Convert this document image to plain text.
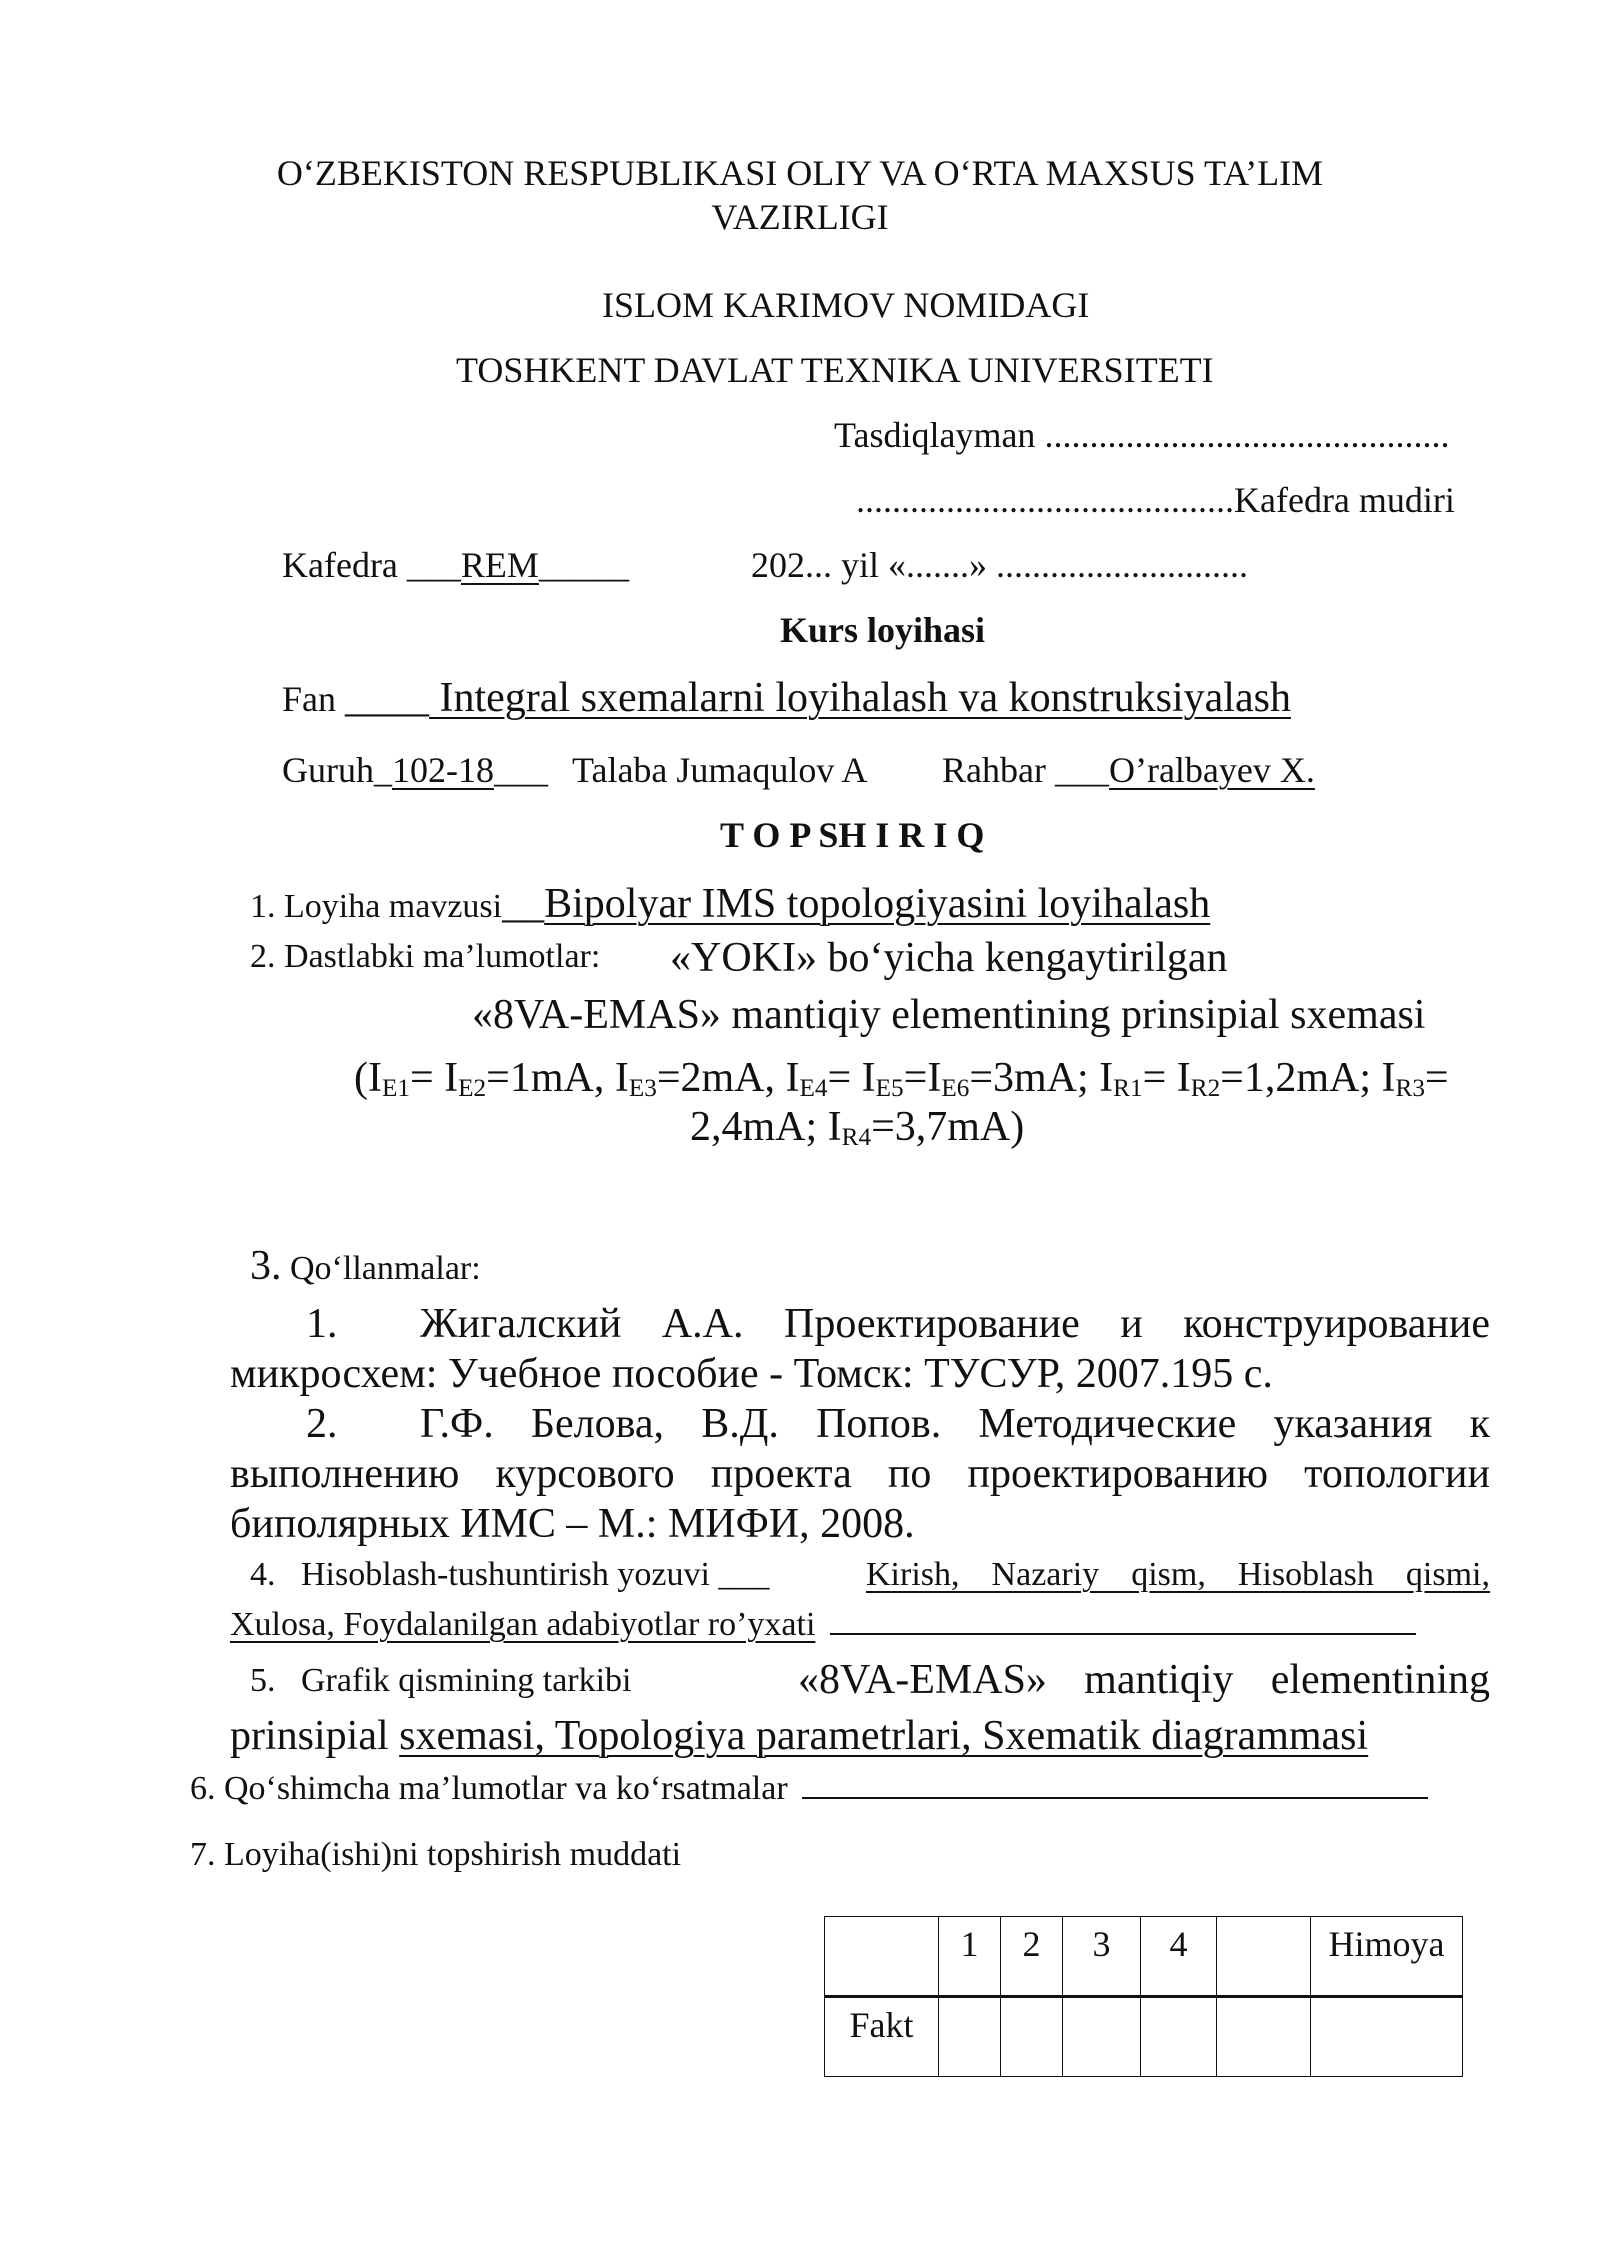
O‘ZBEKISTON RESPUBLIKASI OLIY VA O‘RTA MAXSUS TA’LIM
VAZIRLIGI
ISLOM KARIMOV NOMIDAGI
TOSHKENT DAVLAT TEXNIKA UNIVERSITETI
Tasdiqlayman .............................................
..........................................Kafedra mudiri
Kafedra ___REM_____	202... yil «.......» ............................
Kurs loyihasi
Fan ____ Integral sxemalarni loyihalash va konstruksiyalash
Guruh_102-18___ Talaba Jumaqulov A Rahbar ___O’ralbayev X.
T O P SH I R I Q
1. Loyiha mavzusi__Bipolyar IMS topologiyasini loyihalash
2. Dastlabki ma’lumotlar: «YOKI» bo‘yicha kengaytirilgan
«8VA-EMAS» mantiqiy elementining prinsipial sxemasi
($I_{E1}= I_{E2}=1mA$, $I_{E3}=2mA$, $I_{E4}= I_{E5}=I_{E6}=3mA$; $I_{R1}= I_{R2}=1,2mA$; $I_{R3}=$
2,4mA; $I_{R4}=3,7mA$)
3. Qo‘llanmalar:
1. Жигалский А.А. Проектирование и конструирование
микросхем: Учебное пособие - Томск: ТУСУР, 2007.195 с.
2. Г.Ф. Белова, В.Д. Попов. Методические указания к
выполнению курсового проекта по проектированию топологии
биполярных ИМС – М.: МИФИ, 2008.
4.   Hisoblash-tushuntirish yozuvi ___	Kirish, Nazariy qism, Hisoblash qismi,
Xulosa, Foydalanilgan adabiyotlar ro’yxati
5.   Grafik qismining tarkibi	«8VA-EMAS» mantiqiy elementining
prinsipial sxemasi, Topologiya parametrlari, Sxematik diagrammasi
6. Qo‘shimcha ma’lumotlar va ko‘rsatmalar
7. Loyiha(ishi)ni topshirish muddati
	1	2	3	4		Himoya
Fakt						
